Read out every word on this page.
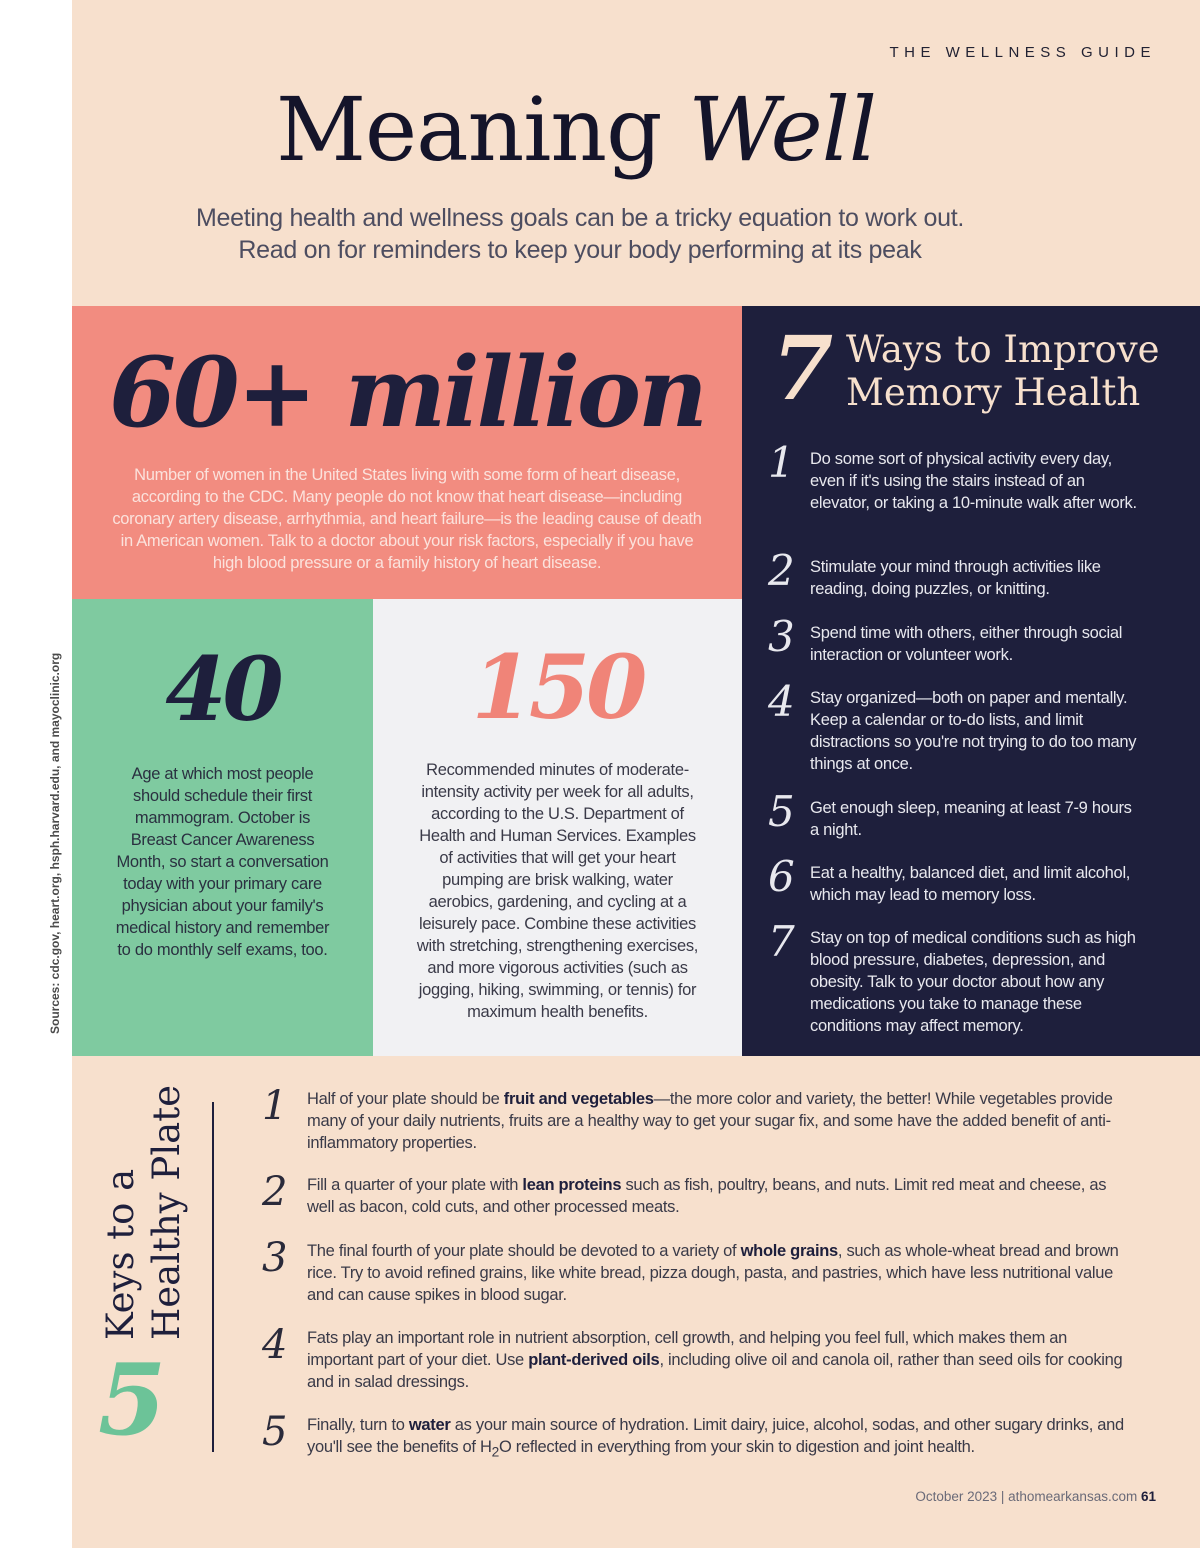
THE WELLNESS GUIDE
Meaning Well

Meeting health and wellness goals can be a tricky equation to work out. Read on for reminders to keep your body performing at its peak

Sources: cdc.gov, heart.org, hsph.harvard.edu, and mayoclinic.org
60+ million

Number of women in the United States living with some form of heart disease, according to the CDC. Many people do not know that heart disease—including coronary artery disease, arrhythmia, and heart failure—is the leading cause of death in American women. Talk to a doctor about your risk factors, especially if you have high blood pressure or a family history of heart disease.

40

Age at which most people should schedule their first mammogram. October is Breast Cancer Awareness Month, so start a conversation today with your primary care physician about your family's medical history and remember to do monthly self exams, too.

150

Recommended minutes of moderate-intensity activity per week for all adults, according to the U.S. Department of Health and Human Services. Examples of activities that will get your heart pumping are brisk walking, water aerobics, gardening, and cycling at a leisurely pace. Combine these activities with stretching, strengthening exercises, and more vigorous activities (such as jogging, hiking, swimming, or tennis) for maximum health benefits.

7 Ways to Improve
Memory Health
1 Do some sort of physical activity every day, even if it's using the stairs instead of an elevator, or taking a 10-minute walk after work.

2 Stimulate your mind through activities like reading, doing puzzles, or knitting.

3 Spend time with others, either through social interaction or volunteer work.

4 Stay organized—both on paper and mentally. Keep a calendar or to-do lists, and limit distractions so you're not trying to do too many things at once.

5 Get enough sleep, meaning at least 7-9 hours a night.

6 Eat a healthy, balanced diet, and limit alcohol, which may lead to memory loss.

7 Stay on top of medical conditions such as high blood pressure, diabetes, depression, and obesity. Talk to your doctor about how any medications you take to manage these conditions may affect memory.

Keys to a Healthy Plate
5
1 Half of your plate should be fruit and vegetables—the more color and variety, the better! While vegetables provide many of your daily nutrients, fruits are a healthy way to get your sugar fix, and some have the added benefit of anti-inflammatory properties.

2 Fill a quarter of your plate with lean proteins such as fish, poultry, beans, and nuts. Limit red meat and cheese, as well as bacon, cold cuts, and other processed meats.

3 The final fourth of your plate should be devoted to a variety of whole grains, such as whole-wheat bread and brown rice. Try to avoid refined grains, like white bread, pizza dough, pasta, and pastries, which have less nutritional value and can cause spikes in blood sugar.

4 Fats play an important role in nutrient absorption, cell growth, and helping you feel full, which makes them an important part of your diet. Use plant-derived oils, including olive oil and canola oil, rather than seed oils for cooking and in salad dressings.

5 Finally, turn to water as your main source of hydration. Limit dairy, juice, alcohol, sodas, and other sugary drinks, and you'll see the benefits of $H_2O$ reflected in everything from your skin to digestion and joint health.

October 2023 | athomearkansas.com 61
